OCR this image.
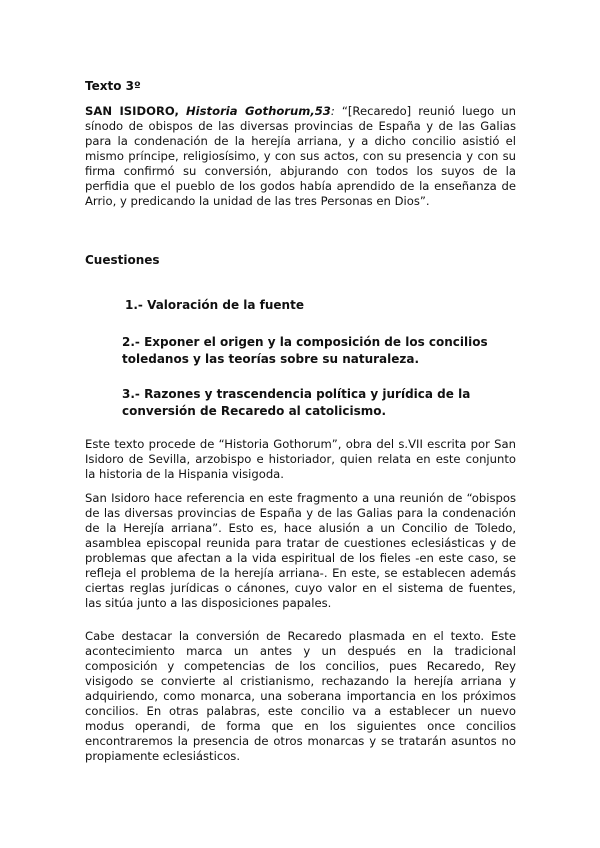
Texto 3º

SAN ISIDORO, Historia Gothorum,53: “[Recaredo] reunió luego un sínodo de obispos de las diversas provincias de España y de las Galias para la condenación de la herejía arriana, y a dicho concilio asistió el mismo príncipe, religiosísimo, y con sus actos, con su presencia y con su firma confirmó su conversión, abjurando con todos los suyos de la perfidia que el pueblo de los godos había aprendido de la enseñanza de Arrio, y predicando la unidad de las tres Personas en Dios”.

Cuestiones

1.- Valoración de la fuente

2.- Exponer el origen y la composición de los concilios toledanos y las teorías sobre su naturaleza.

3.- Razones y trascendencia política y jurídica de la conversión de Recaredo al catolicismo.

Este texto procede de “Historia Gothorum”, obra del s.VII escrita por San Isidoro de Sevilla, arzobispo e historiador, quien relata en este conjunto la historia de la Hispania visigoda.

San Isidoro hace referencia en este fragmento a una reunión de “obispos de las diversas provincias de España y de las Galias para la condenación de la Herejía arriana”. Esto es, hace alusión a un Concilio de Toledo, asamblea episcopal reunida para tratar de cuestiones eclesiásticas y de problemas que afectan a la vida espiritual de los fieles -en este caso, se refleja el problema de la herejía arriana-. En este, se establecen además ciertas reglas jurídicas o cánones, cuyo valor en el sistema de fuentes, las sitúa junto a las disposiciones papales.

Cabe destacar la conversión de Recaredo plasmada en el texto. Este acontecimiento marca un antes y un después en la tradicional composición y competencias de los concilios, pues Recaredo, Rey visigodo se convierte al cristianismo, rechazando la herejía arriana y adquiriendo, como monarca, una soberana importancia en los próximos concilios. En otras palabras, este concilio va a establecer un nuevo modus operandi, de forma que en los siguientes once concilios encontraremos la presencia de otros monarcas y se tratarán asuntos no propiamente eclesiásticos.
